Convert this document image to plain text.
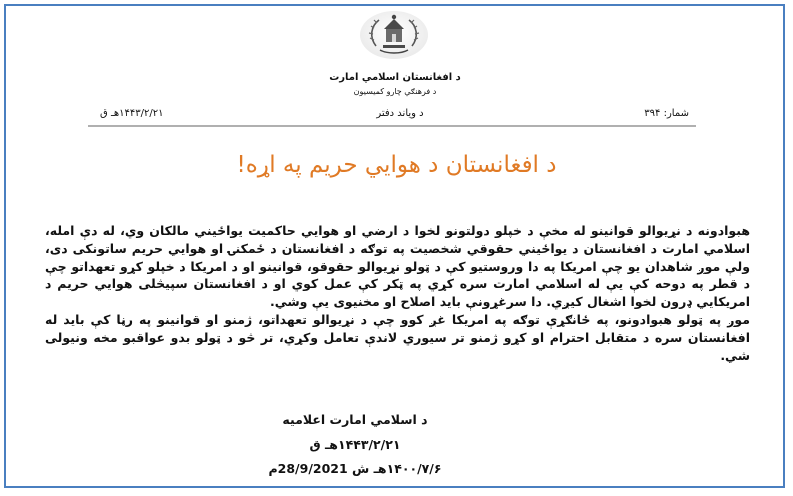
د افغانستان اسلامي امارت
د فرهنګي چارو کمیسیون
شمار: ۳۹۴
د وياند دفتر
۱۴۴۳/۲/۲۱هـ ق
د افغانستان د هوايي حریم په اړه!

هبوادونه د نړیوالو قوانینو له مخې د خپلو دولتونو لخوا د ارضي او هوايي حاکمیت یواځیني مالکان وي، له دې امله، اسلامي امارت د افغانستان د یواځیني حقوقي شخصیت په توګه د افغانستان د ځمکنۍ او هوايي حریم ساتونکی دی، ولې موږ شاهدان یو چې امریکا په دا وروستیو کې د ټولو نړیوالو حقوقو، قوانینو او د امریکا د خپلو کړو تعهداتو چې د قطر په دوحه کې یې له اسلامي امارت سره کړي په ټکر کې عمل کوي او د افغانستان سپیڅلی هوايي حریم د امریکايي ډرون لخوا اشغال کیږي. دا سرغړونې باید اصلاح او مخنیوی یې وشي.

موږ په ټولو هبوادونو، په ځانګړې توګه په امریکا غږ کوو چې د نړیوالو تعهداتو، ژمنو او قوانینو په رڼا کې باید له افغانستان سره د متقابل احترام او کړو ژمنو تر سیوري لاندې تعامل وکړي، تر څو د ټولو بدو عواقبو مخه ونیولی شي.

د اسلامي امارت اعلامیه
۱۴۴۳/۲/۲۱هـ ق
۱۴۰۰/۷/۶هـ ش 28/9/2021م
